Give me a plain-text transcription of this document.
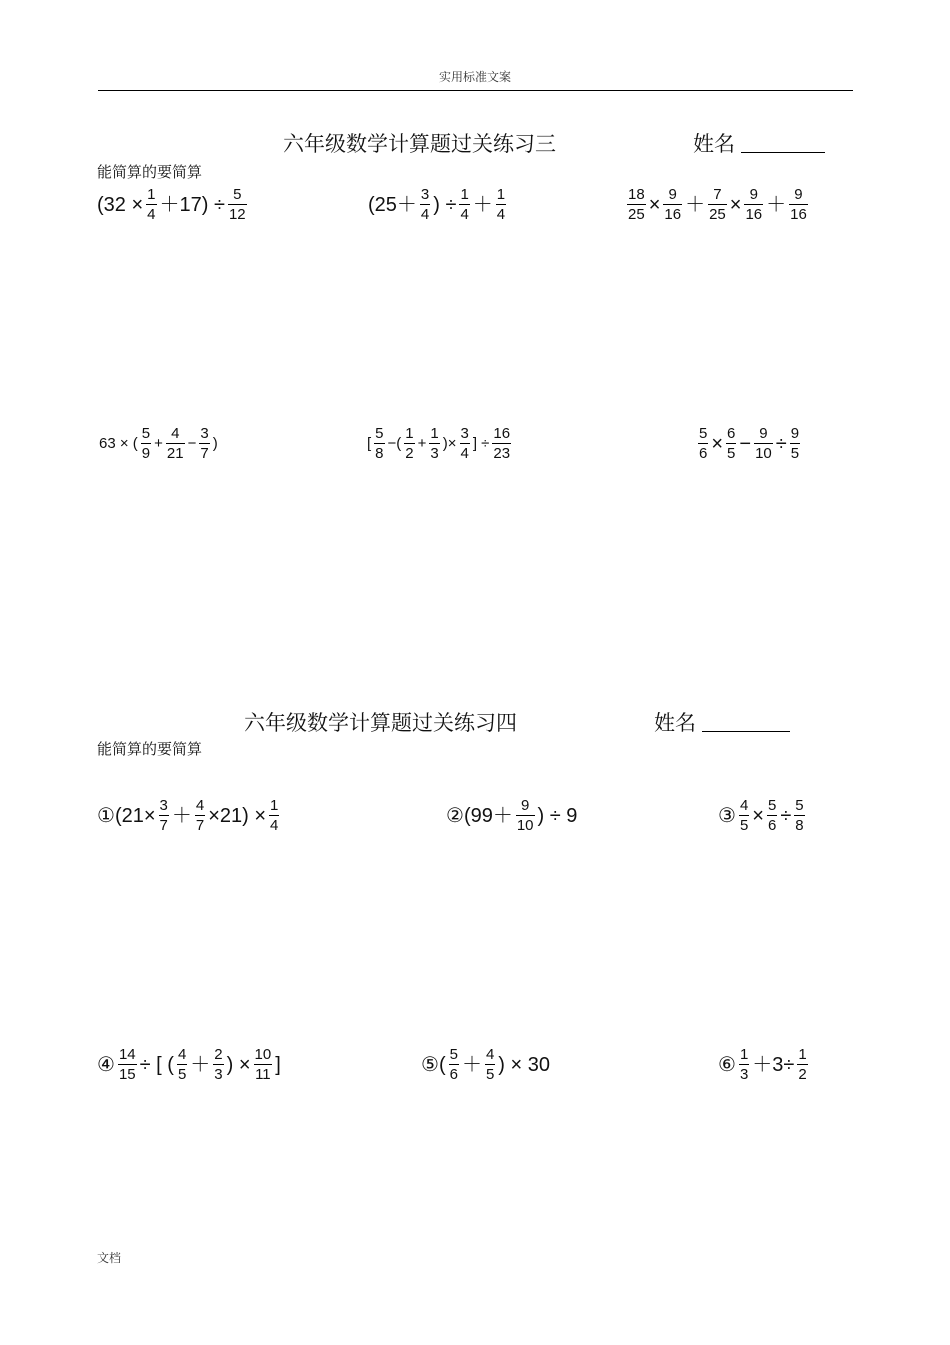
实用标准文案
六年级数学计算题过关练习三	姓名
能简算的要简算
$(32 \times \frac{1}{4} +17) \div \frac{5}{12}$	($25+ \frac{3}{4}$ ) ÷ $\frac{1}{4} + \frac{1}{4}$	$\frac{18}{25} \times \frac{9}{16} + \frac{7}{25} \times \frac{9}{16} + \frac{9}{16}$
63 × ( $\frac{5}{9} + \frac{4}{21} - \frac{3}{7}$ )	[ $\frac{5}{8}$ −( $\frac{1}{2} + \frac{1}{3}$ )× $\frac{3}{4}$ ] ÷ $\frac{16}{23}$	$\frac{5}{6} \times \frac{6}{5} - \frac{9}{10} \div \frac{9}{5}$
六年级数学计算题过关练习四	姓名
能简算的要简算
① $(21\times \frac{3}{7} + \frac{4}{7} \times 21) \times \frac{1}{4}$	② ($99+ \frac{9}{10}$ ) ÷ 9	③ $\frac{4}{5} \times \frac{5}{6} \div \frac{5}{8}$
④ $\frac{14}{15}$ ÷ [ ( $\frac{4}{5} + \frac{2}{3}$ ) × $\frac{10}{11}$ ]	⑤ ( $\frac{5}{6} + \frac{4}{5}$ ) × 30	⑥ $\frac{1}{3} +3\div \frac{1}{2}$
文档
